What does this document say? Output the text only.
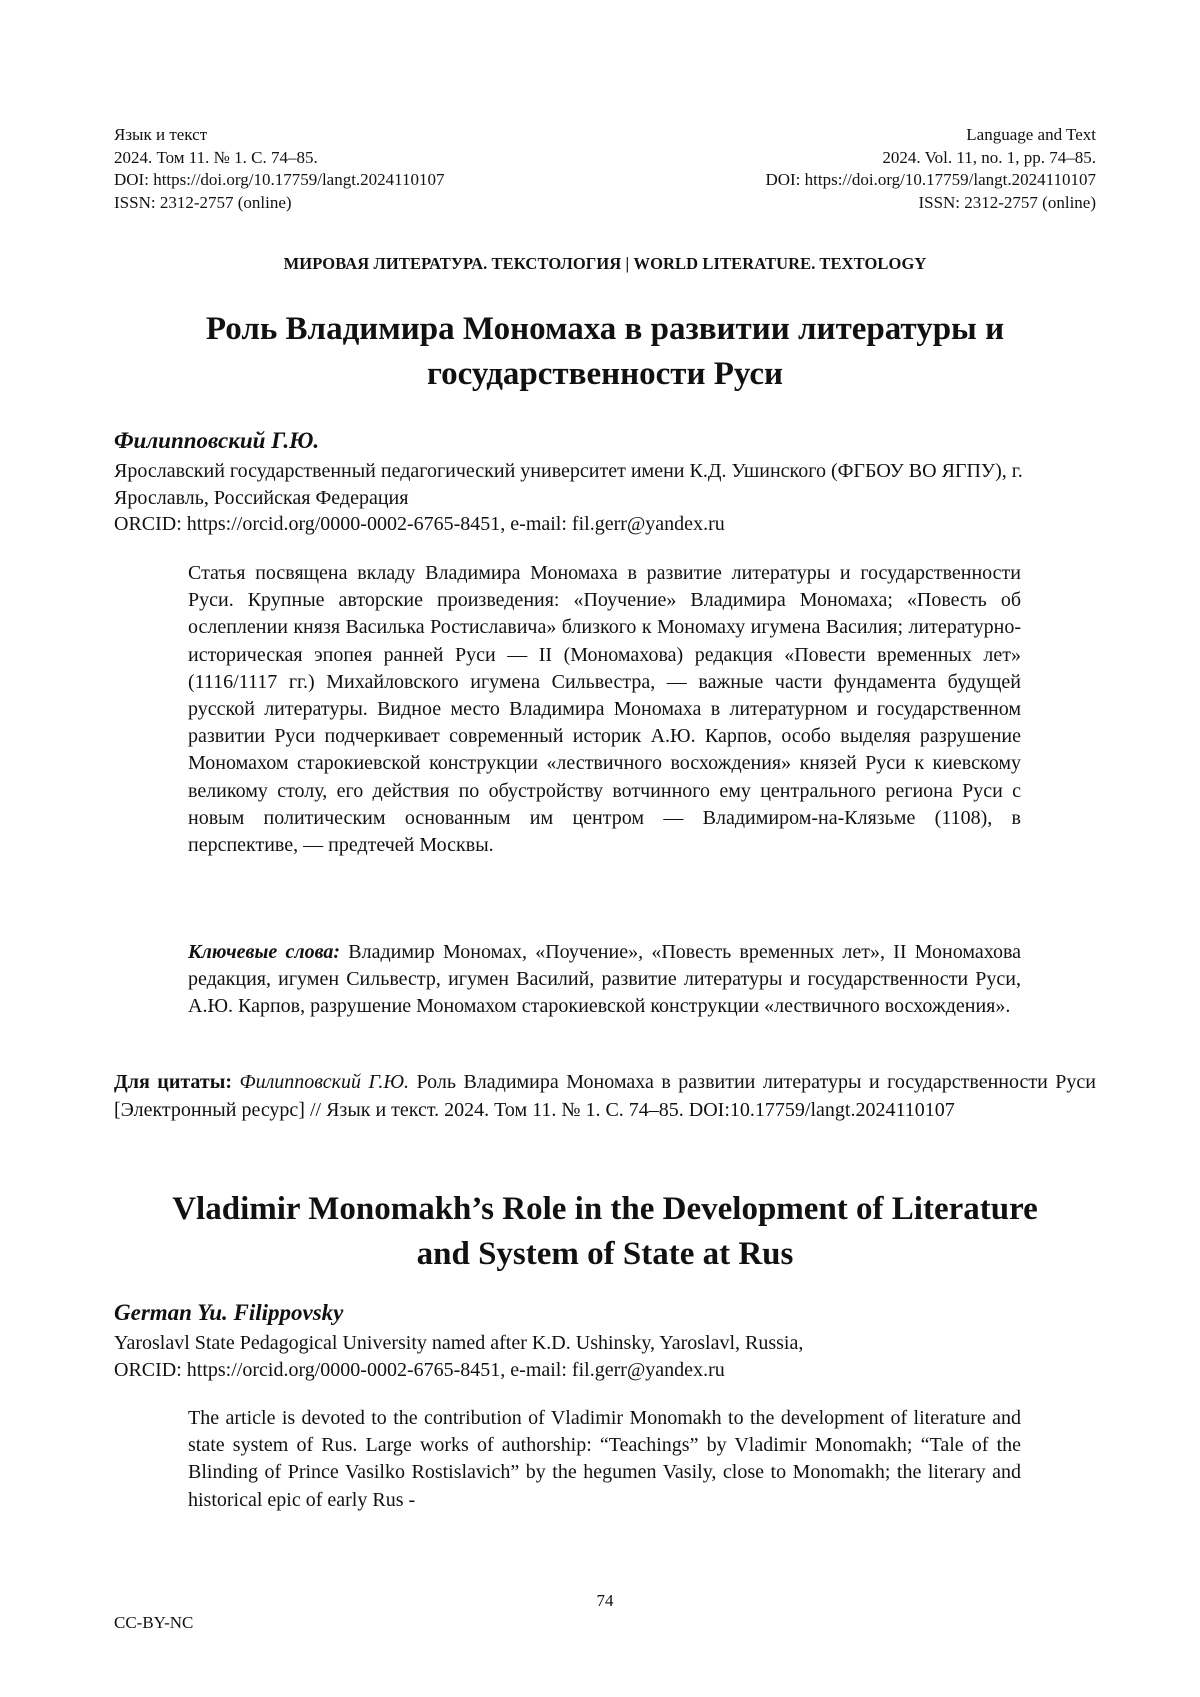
Язык и текст
2024. Том 11. № 1. С. 74–85.
DOI: https://doi.org/10.17759/langt.2024110107
ISSN: 2312-2757 (online)
Language and Text
2024. Vol. 11, no. 1, pp. 74–85.
DOI: https://doi.org/10.17759/langt.2024110107
ISSN: 2312-2757 (online)
МИРОВАЯ ЛИТЕРАТУРА. ТЕКСТОЛОГИЯ | WORLD LITERATURE. TEXTOLOGY
Роль Владимира Мономаха в развитии литературы и
государственности Руси
Филипповский Г.Ю.
Ярославский государственный педагогический университет имени К.Д. Ушинского (ФГБОУ ВО ЯГПУ), г. Ярославль, Российская Федерация
ORCID: https://orcid.org/0000-0002-6765-8451, e-mail: fil.gerr@yandex.ru
Статья посвящена вкладу Владимира Мономаха в развитие литературы и государственности Руси. Крупные авторские произведения: «Поучение» Владимира Мономаха; «Повесть об ослеплении князя Василька Ростиславича» близкого к Мономаху игумена Василия; литературно-историческая эпопея ранней Руси — II (Мономахова) редакция «Повести временных лет» (1116/1117 гг.) Михайловского игумена Сильвестра, — важные части фундамента будущей русской литературы. Видное место Владимира Мономаха в литературном и государственном развитии Руси подчеркивает современный историк А.Ю. Карпов, особо выделяя разрушение Мономахом старокиевской конструкции «лествичного восхождения» князей Руси к киевскому великому столу, его действия по обустройству вотчинного ему центрального региона Руси с новым политическим основанным им центром — Владимиром-на-Клязьме (1108), в перспективе, — предтечей Москвы.
Ключевые слова: Владимир Мономах, «Поучение», «Повесть временных лет», II Мономахова редакция, игумен Сильвестр, игумен Василий, развитие литературы и государственности Руси, А.Ю. Карпов, разрушение Мономахом старокиевской конструкции «лествичного восхождения».
Для цитаты: Филипповский Г.Ю. Роль Владимира Мономаха в развитии литературы и государственности Руси [Электронный ресурс] // Язык и текст. 2024. Том 11. № 1. С. 74–85. DOI:10.17759/langt.2024110107
Vladimir Monomakh’s Role in the Development of Literature
and System of State at Rus
German Yu. Filippovsky
Yaroslavl State Pedagogical University named after K.D. Ushinsky, Yaroslavl, Russia,
ORCID: https://orcid.org/0000-0002-6765-8451, e-mail: fil.gerr@yandex.ru
The article is devoted to the contribution of Vladimir Monomakh to the development of literature and state system of Rus. Large works of authorship: “Teachings” by Vladimir Monomakh; “Tale of the Blinding of Prince Vasilko Rostislavich” by the hegumen Vasily, close to Monomakh; the literary and historical epic of early Rus -
74
CC-BY-NC
